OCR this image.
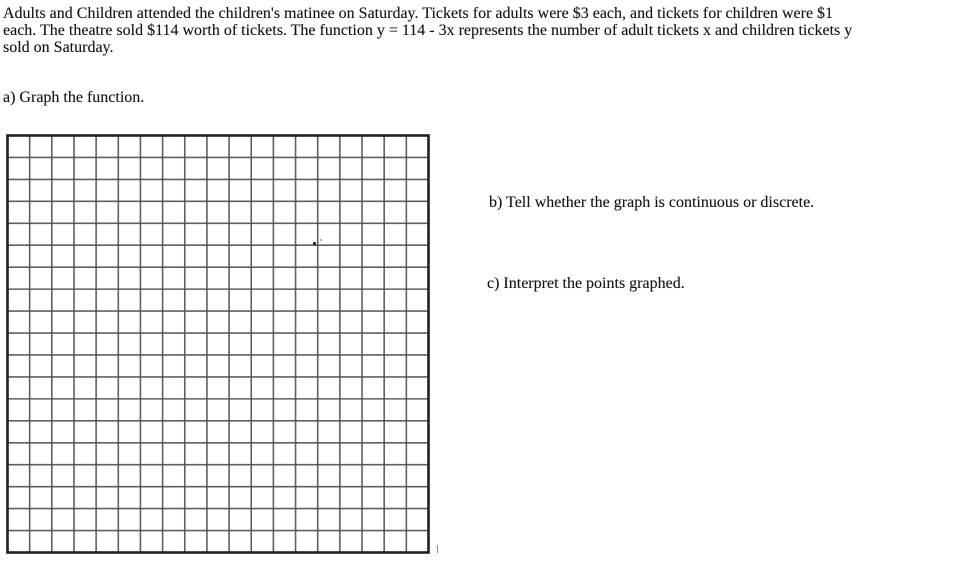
Adults and Children attended the children's matinee on Saturday. Tickets for adults were $3 each, and tickets for children were $1
each. The theatre sold $114 worth of tickets. The function y = 114 - 3x represents the number of adult tickets x and children tickets y
sold on Saturday.
a) Graph the function.
b) Tell whether the graph is continuous or discrete.
c) Interpret the points graphed.
